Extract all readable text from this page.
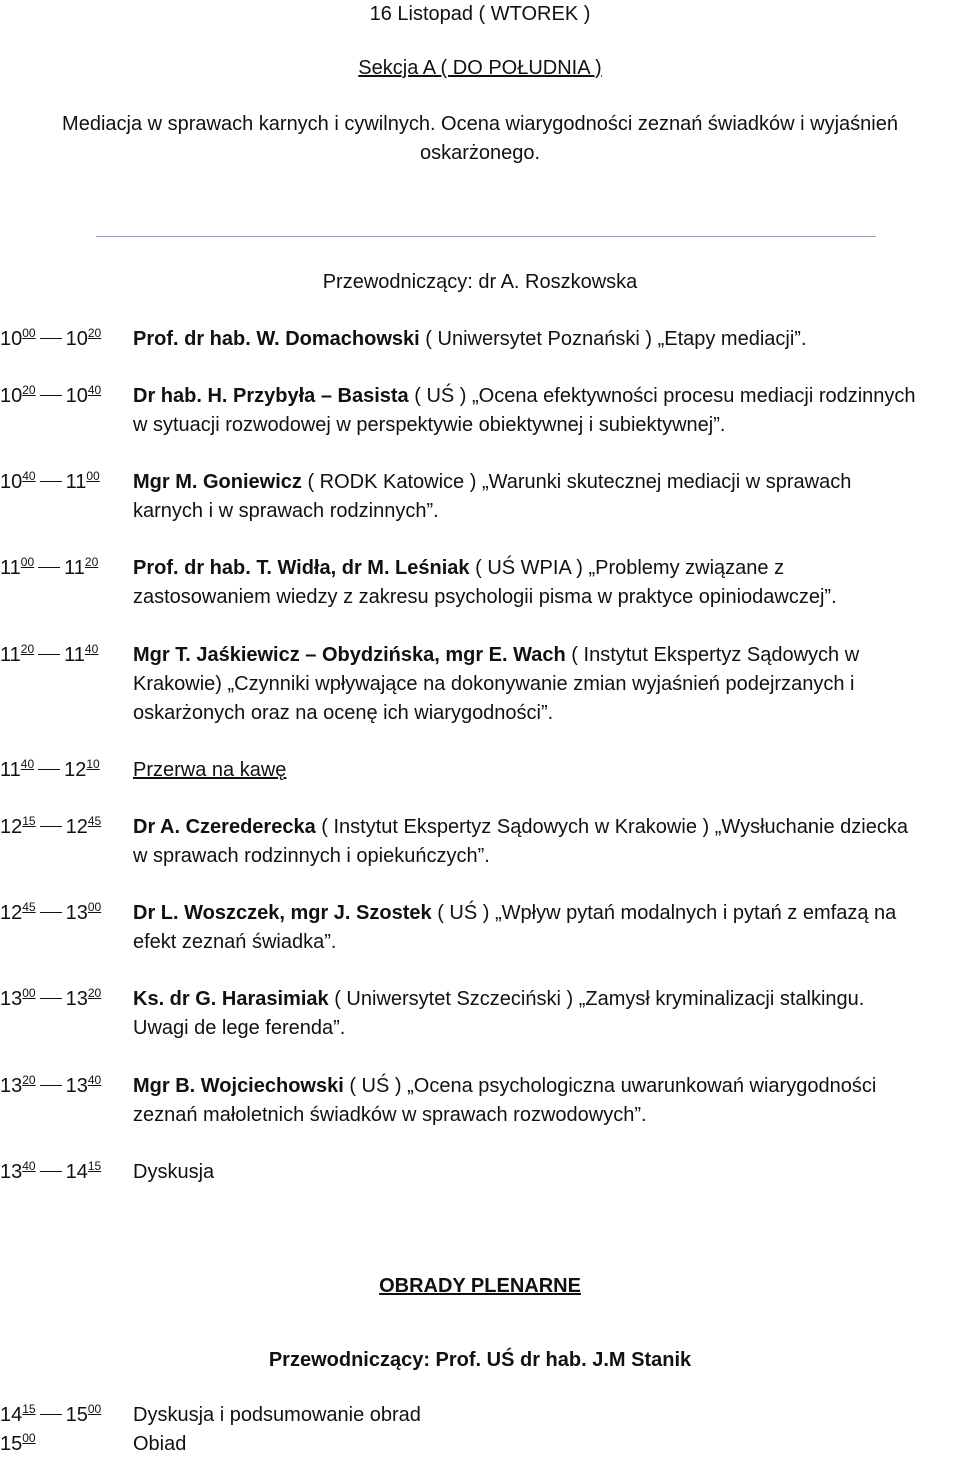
16 Listopad ( WTOREK )
Sekcja A ( DO POŁUDNIA )
Mediacja w sprawach karnych i cywilnych. Ocena wiarygodności zeznań świadków i wyjaśnień
oskarżonego.
Przewodniczący: dr A. Roszkowska
$10^{00}$ $10^{20}$	Prof. dr hab. W. Domachowski ( Uniwersytet Poznański ) „Etapy mediacji”.
$10^{20}$ $10^{40}$	Dr hab. H. Przybyła – Basista ( UŚ ) „Ocena efektywności procesu mediacji rodzinnych
w sytuacji rozwodowej w perspektywie obiektywnej i subiektywnej”.
$10^{40}$ $11^{00}$	Mgr M. Goniewicz ( RODK Katowice ) „Warunki skutecznej mediacji w sprawach
karnych i w sprawach rodzinnych”.
$11^{00}$ $11^{20}$	Prof. dr hab. T. Widła, dr M. Leśniak ( UŚ WPIA ) „Problemy związane z
zastosowaniem wiedzy z zakresu psychologii pisma w praktyce opiniodawczej”.
$11^{20}$ $11^{40}$	Mgr T. Jaśkiewicz – Obydzińska, mgr E. Wach ( Instytut Ekspertyz Sądowych w
Krakowie) „Czynniki wpływające na dokonywanie zmian wyjaśnień podejrzanych i
oskarżonych oraz na ocenę ich wiarygodności”.
$11^{40}$ $12^{10}$	Przerwa na kawę
$12^{15}$ $12^{45}$	Dr A. Czerederecka ( Instytut Ekspertyz Sądowych w Krakowie ) „Wysłuchanie dziecka
w sprawach rodzinnych i opiekuńczych”.
$12^{45}$ $13^{00}$	Dr L. Woszczek, mgr J. Szostek ( UŚ ) „Wpływ pytań modalnych i pytań z emfazą na
efekt zeznań świadka”.
$13^{00}$ $13^{20}$	Ks. dr G. Harasimiak ( Uniwersytet Szczeciński ) „Zamysł kryminalizacji stalkingu.
Uwagi de lege ferenda”.
$13^{20}$ $13^{40}$	Mgr B. Wojciechowski ( UŚ ) „Ocena psychologiczna uwarunkowań wiarygodności
zeznań małoletnich świadków w sprawach rozwodowych”.
$13^{40}$ $14^{15}$	Dyskusja
OBRADY PLENARNE
Przewodniczący: Prof. UŚ dr hab. J.M Stanik
$14^{15}$ $15^{00}$	Dyskusja i podsumowanie obrad
$15^{00}$	Obiad
